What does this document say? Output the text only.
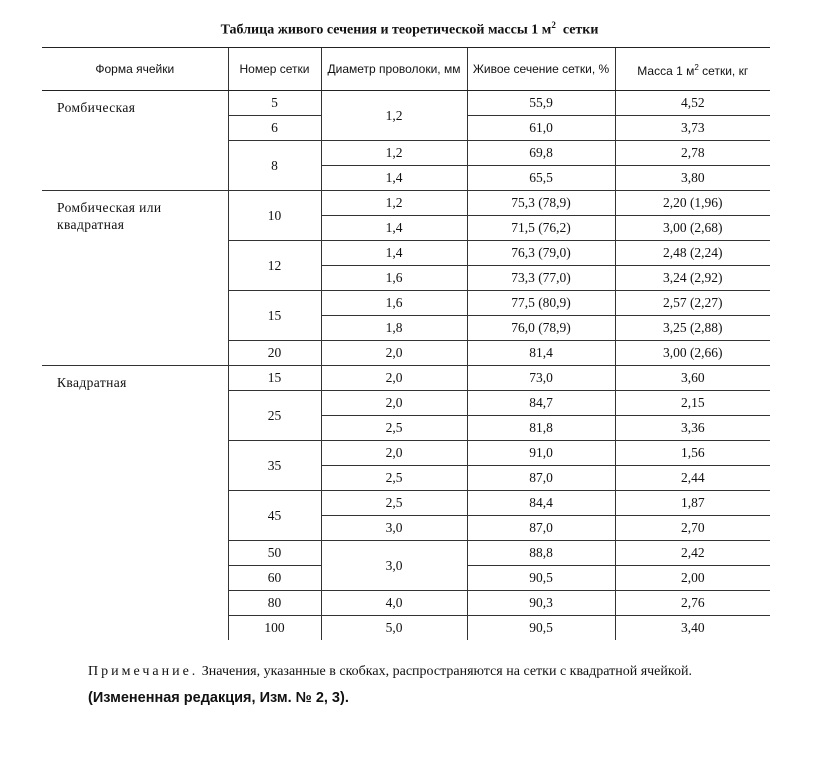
Таблица живого сечения и теоретической массы 1 $м^2$ сетки
Форма ячейки	Номер сетки	Диаметр проволоки, мм	Живое сечение сетки, %	Масса 1 $м^2$ сетки, кг
Ромбическая	5	1,2	55,9	4,52
	6		61,0	3,73
	8	1,2	69,8	2,78
		1,4	65,5	3,80
Ромбическая или квадратная	10	1,2	75,3 (78,9)	2,20 (1,96)
		1,4	71,5 (76,2)	3,00 (2,68)
	12	1,4	76,3 (79,0)	2,48 (2,24)
		1,6	73,3 (77,0)	3,24 (2,92)
	15	1,6	77,5 (80,9)	2,57 (2,27)
		1,8	76,0 (78,9)	3,25 (2,88)
	20	2,0	81,4	3,00 (2,66)
Квадратная	15	2,0	73,0	3,60
	25	2,0	84,7	2,15
		2,5	81,8	3,36
	35	2,0	91,0	1,56
		2,5	87,0	2,44
	45	2,5	84,4	1,87
		3,0	87,0	2,70
	50	3,0	88,8	2,42
	60		90,5	2,00
	80	4,0	90,3	2,76
	100	5,0	90,5	3,40
Примечание. Значения, указанные в скобках, распространяются на сетки с квадратной ячейкой.
(Измененная редакция, Изм. № 2, 3).
